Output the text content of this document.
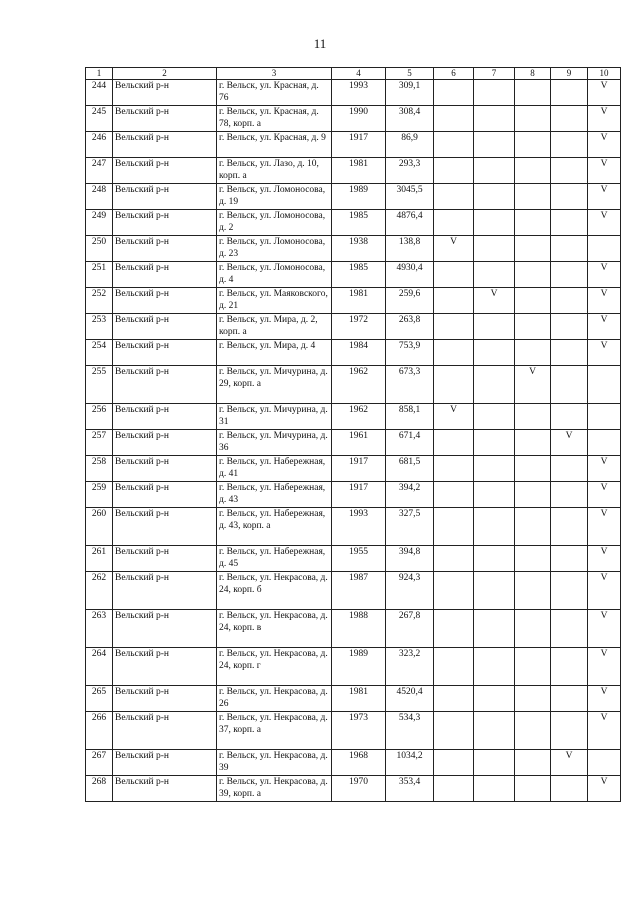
11
1	2	3	4	5	6	7	8	9	10
244	Вельский р-н	г. Вельск, ул. Красная, д. 76	1993	309,1					V
245	Вельский р-н	г. Вельск, ул. Красная, д. 78, корп. а	1990	308,4					V
246	Вельский р-н	г. Вельск, ул. Красная, д. 9	1917	86,9					V
247	Вельский р-н	г. Вельск, ул. Лазо, д. 10, корп. а	1981	293,3					V
248	Вельский р-н	г. Вельск, ул. Ломоносова, д. 19	1989	3045,5					V
249	Вельский р-н	г. Вельск, ул. Ломоносова, д. 2	1985	4876,4					V
250	Вельский р-н	г. Вельск, ул. Ломоносова, д. 23	1938	138,8	V				
251	Вельский р-н	г. Вельск, ул. Ломоносова, д. 4	1985	4930,4					V
252	Вельский р-н	г. Вельск, ул. Маяковского, д. 21	1981	259,6		V			V
253	Вельский р-н	г. Вельск, ул. Мира, д. 2, корп. а	1972	263,8					V
254	Вельский р-н	г. Вельск, ул. Мира, д. 4	1984	753,9					V
255	Вельский р-н	г. Вельск, ул. Мичурина, д. 29, корп. а	1962	673,3			V		
256	Вельский р-н	г. Вельск, ул. Мичурина, д. 31	1962	858,1	V				
257	Вельский р-н	г. Вельск, ул. Мичурина, д. 36	1961	671,4				V	
258	Вельский р-н	г. Вельск, ул. Набережная, д. 41	1917	681,5					V
259	Вельский р-н	г. Вельск, ул. Набережная, д. 43	1917	394,2					V
260	Вельский р-н	г. Вельск, ул. Набережная, д. 43, корп. а	1993	327,5					V
261	Вельский р-н	г. Вельск, ул. Набережная, д. 45	1955	394,8					V
262	Вельский р-н	г. Вельск, ул. Некрасова, д. 24, корп. б	1987	924,3					V
263	Вельский р-н	г. Вельск, ул. Некрасова, д. 24, корп. в	1988	267,8					V
264	Вельский р-н	г. Вельск, ул. Некрасова, д. 24, корп. г	1989	323,2					V
265	Вельский р-н	г. Вельск, ул. Некрасова, д. 26	1981	4520,4					V
266	Вельский р-н	г. Вельск, ул. Некрасова, д. 37, корп. а	1973	534,3					V
267	Вельский р-н	г. Вельск, ул. Некрасова, д. 39	1968	1034,2				V	
268	Вельский р-н	г. Вельск, ул. Некрасова, д. 39, корп. а	1970	353,4					V
